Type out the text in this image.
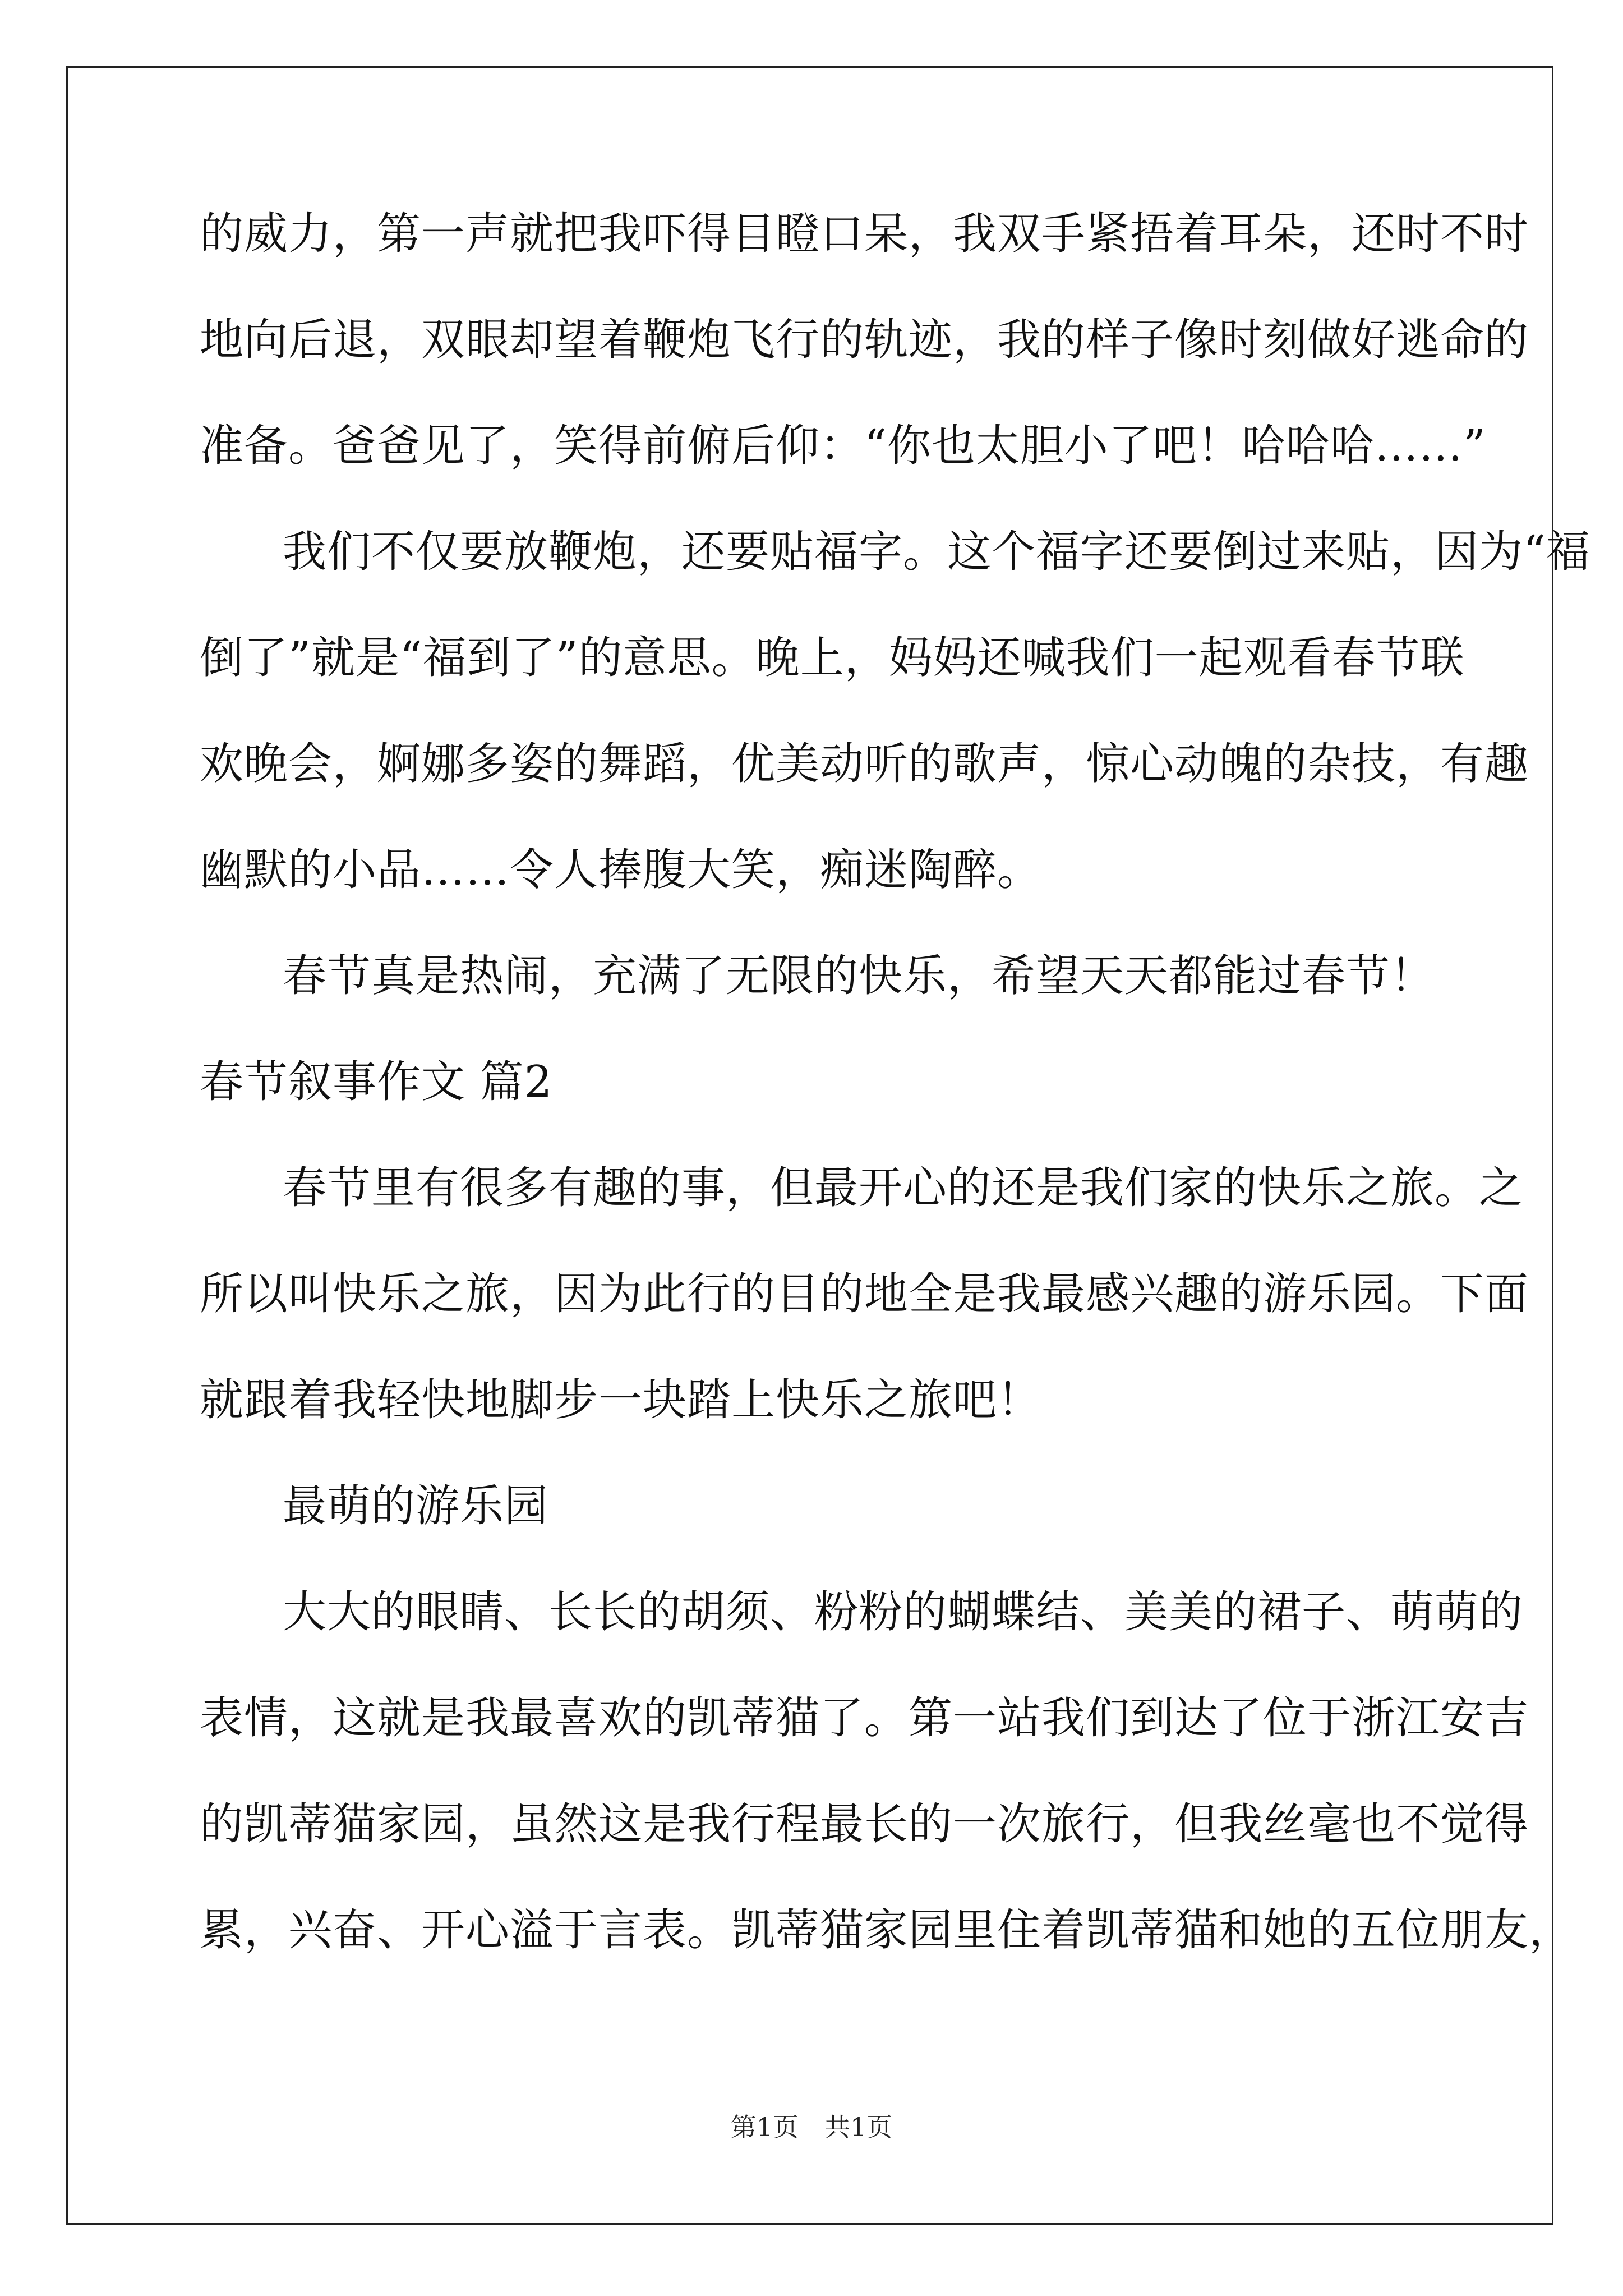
的威力，第一声就把我吓得目瞪口呆，我双手紧捂着耳朵，还时不时
地向后退，双眼却望着鞭炮飞行的轨迹，我的样子像时刻做好逃命的
准备。爸爸见了，笑得前俯后仰：“你也太胆小了吧！哈哈哈……”
我们不仅要放鞭炮，还要贴福字。这个福字还要倒过来贴，因为“福
倒了”就是“福到了”的意思。晚上，妈妈还喊我们一起观看春节联
欢晚会，婀娜多姿的舞蹈，优美动听的歌声，惊心动魄的杂技，有趣
幽默的小品……令人捧腹大笑，痴迷陶醉。
春节真是热闹，充满了无限的快乐，希望天天都能过春节！
春节叙事作文 篇2
春节里有很多有趣的事，但最开心的还是我们家的快乐之旅。之
所以叫快乐之旅，因为此行的目的地全是我最感兴趣的游乐园。下面
就跟着我轻快地脚步一块踏上快乐之旅吧！
最萌的游乐园
大大的眼睛、长长的胡须、粉粉的蝴蝶结、美美的裙子、萌萌的
表情，这就是我最喜欢的凯蒂猫了。第一站我们到达了位于浙江安吉
的凯蒂猫家园，虽然这是我行程最长的一次旅行，但我丝毫也不觉得
累，兴奋、开心溢于言表。凯蒂猫家园里住着凯蒂猫和她的五位朋友，
第1页　共1页
